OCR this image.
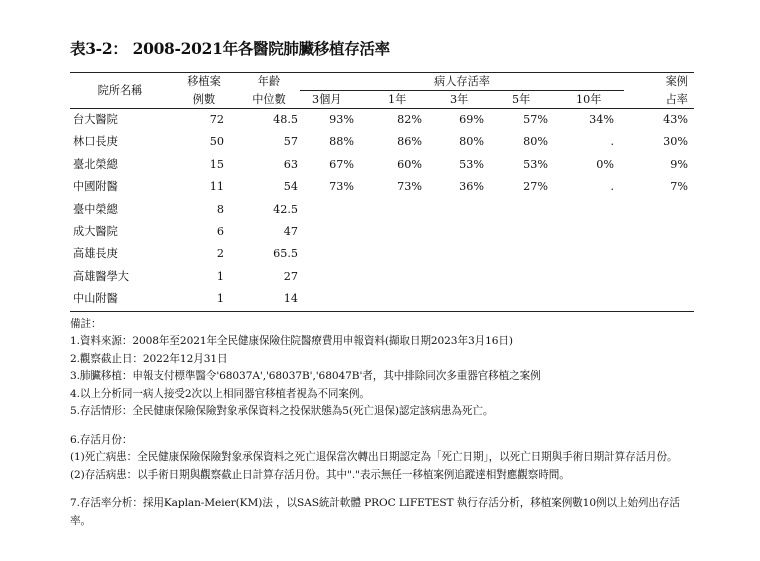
表3-2： 2008-2021年各醫院肺臟移植存活率
院所名稱	移植案	年齡	病人存活率					案例
	例數	中位數	3個月	1年	3年	5年	10年	占率
台大醫院	72	48.5	93%	82%	69%	57%	34%	43%
林口長庚	50	57	88%	86%	80%	80%	.	30%
臺北榮總	15	63	67%	60%	53%	53%	0%	9%
中國附醫	11	54	73%	73%	36%	27%	.	7%
臺中榮總	8	42.5						
成大醫院	6	47						
高雄長庚	2	65.5						
高雄醫學大	1	27						
中山附醫	1	14						
備註：
1.資料來源：2008年至2021年全民健康保險住院醫療費用申報資料(擷取日期2023年3月16日)
2.觀察截止日：2022年12月31日
3.肺臟移植：申報支付標準醫令'68037A','68037B','68047B'者，其中排除同次多重器官移植之案例
4.以上分析同一病人接受2次以上相同器官移植者視為不同案例。
5.存活情形：全民健康保險保險對象承保資料之投保狀態為5(死亡退保)認定該病患為死亡。
6.存活月份：
(1)死亡病患：全民健康保險保險對象承保資料之死亡退保當次轉出日期認定為「死亡日期」，以死亡日期與手術日期計算存活月份。
(2)存活病患：以手術日期與觀察截止日計算存活月份。其中"."表示無任一移植案例追蹤達相對應觀察時間。
7.存活率分析：採用Kaplan-Meier(KM)法 ，以SAS統計軟體 PROC LIFETEST 執行存活分析，移植案例數10例以上始列出存活率。
